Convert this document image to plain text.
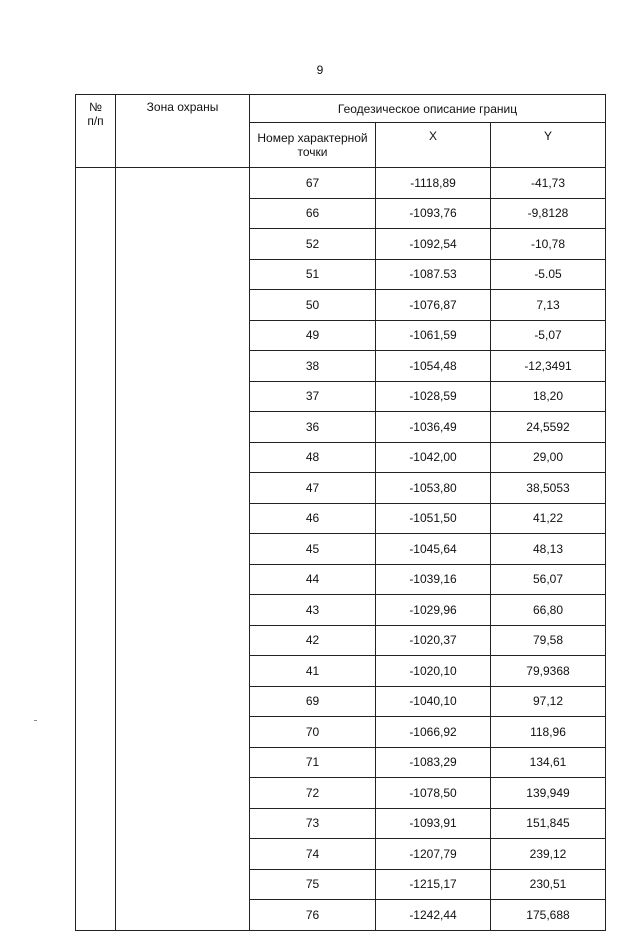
9
№ п/п	Зона охраны	Геодезическое описание границ		
		Номер характерной точки	X	Y
		67	-1118,89	-41,73
		66	-1093,76	-9,8128
		52	-1092,54	-10,78
		51	-1087.53	-5.05
		50	-1076,87	7,13
		49	-1061,59	-5,07
		38	-1054,48	-12,3491
		37	-1028,59	18,20
		36	-1036,49	24,5592
		48	-1042,00	29,00
		47	-1053,80	38,5053
		46	-1051,50	41,22
		45	-1045,64	48,13
		44	-1039,16	56,07
		43	-1029,96	66,80
		42	-1020,37	79,58
		41	-1020,10	79,9368
		69	-1040,10	97,12
		70	-1066,92	118,96
		71	-1083,29	134,61
		72	-1078,50	139,949
		73	-1093,91	151,845
		74	-1207,79	239,12
		75	-1215,17	230,51
		76	-1242,44	175,688
